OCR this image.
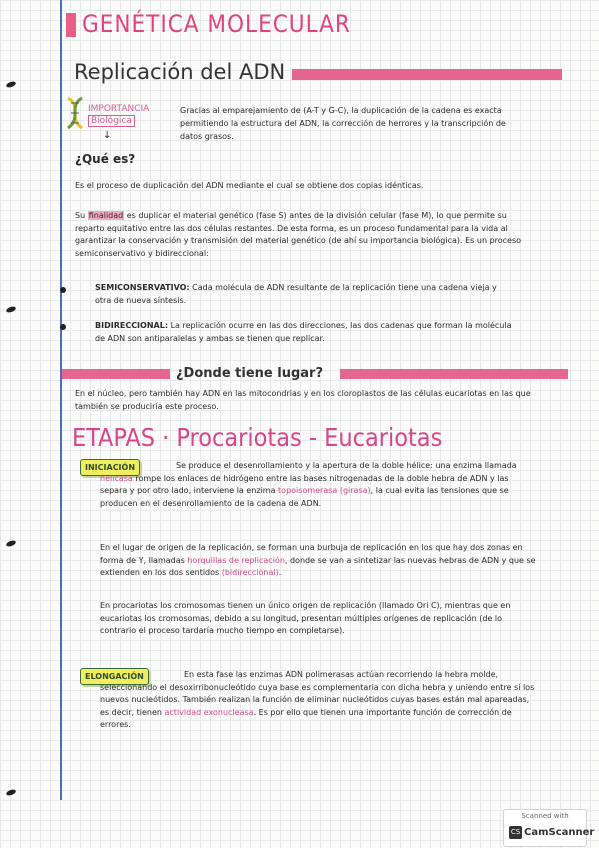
GENÉTICA MOLECULAR
Replicación del ADN
IMPORTANCIA
Biológica
Gracias al emparejamiento de (A-T y G-C), la duplicación de la cadena es exacta permitiendo la estructura del ADN, la corrección de herrores y la transcripción de datos grasos.
↓
¿Qué es?
Es el proceso de duplicación del ADN mediante el cual se obtiene dos copias idénticas.
Su finalidad es duplicar el material genético (fase S) antes de la división celular (fase M), lo que permite su reparto equitativo entre las dos células restantes. De esta forma, es un proceso fundamental para la vida al garantizar la conservación y transmisión del material genético (de ahí su importancia biológica). Es un proceso semiconservativo y bidireccional:
SEMICONSERVATIVO: Cada molécula de ADN resultante de la replicación tiene una cadena vieja y otra de nueva síntesis.
BIDIRECCIONAL: La replicación ocurre en las dos direcciones, las dos cadenas que forman la molécula de ADN son antiparalelas y ambas se tienen que replicar.
¿Donde tiene lugar?
En el núcleo, pero también hay ADN en las mitocondrias y en los cloroplastos de las células eucariotas en las que también se produciría este proceso.
ETAPAS · Procariotas - Eucariotas
INICIACIÓN	Se produce el desenrollamiento y la apertura de la doble hélice: una enzima llamada helicasa rompe los enlaces de hidrógeno entre las bases nitrogenadas de la doble hebra de ADN y las separa y por otro lado, interviene la enzima topoisomerasa (girasa), la cual evita las tensiones que se producen en el desenrollamiento de la cadena de ADN.
En el lugar de origen de la replicación, se forman una burbuja de replicación en los que hay dos zonas en forma de Y, llamadas horquillas de replicación, donde se van a sintetizar las nuevas hebras de ADN y que se extienden en los dos sentidos (bidireccional).
En procariotas los cromosomas tienen un único origen de replicación (llamado Ori C), mientras que en eucariotas los cromosomas, debido a su longitud, presentan múltiples orígenes de replicación (de lo contrario el proceso tardaría mucho tiempo en completarse).
ELONGACIÓN	En esta fase las enzimas ADN polimerasas actúan recorriendo la hebra molde, seleccionando el desoxirribonucleótido cuya base es complementaria con dicha hebra y uniendo entre sí los nuevos nucleótidos. También realizan la función de eliminar nucleótidos cuyas bases están mal apareadas, es decir, tienen actividad exonucleasa. Es por ello que tienen una importante función de corrección de errores.
Scanned with
CS CamScanner
